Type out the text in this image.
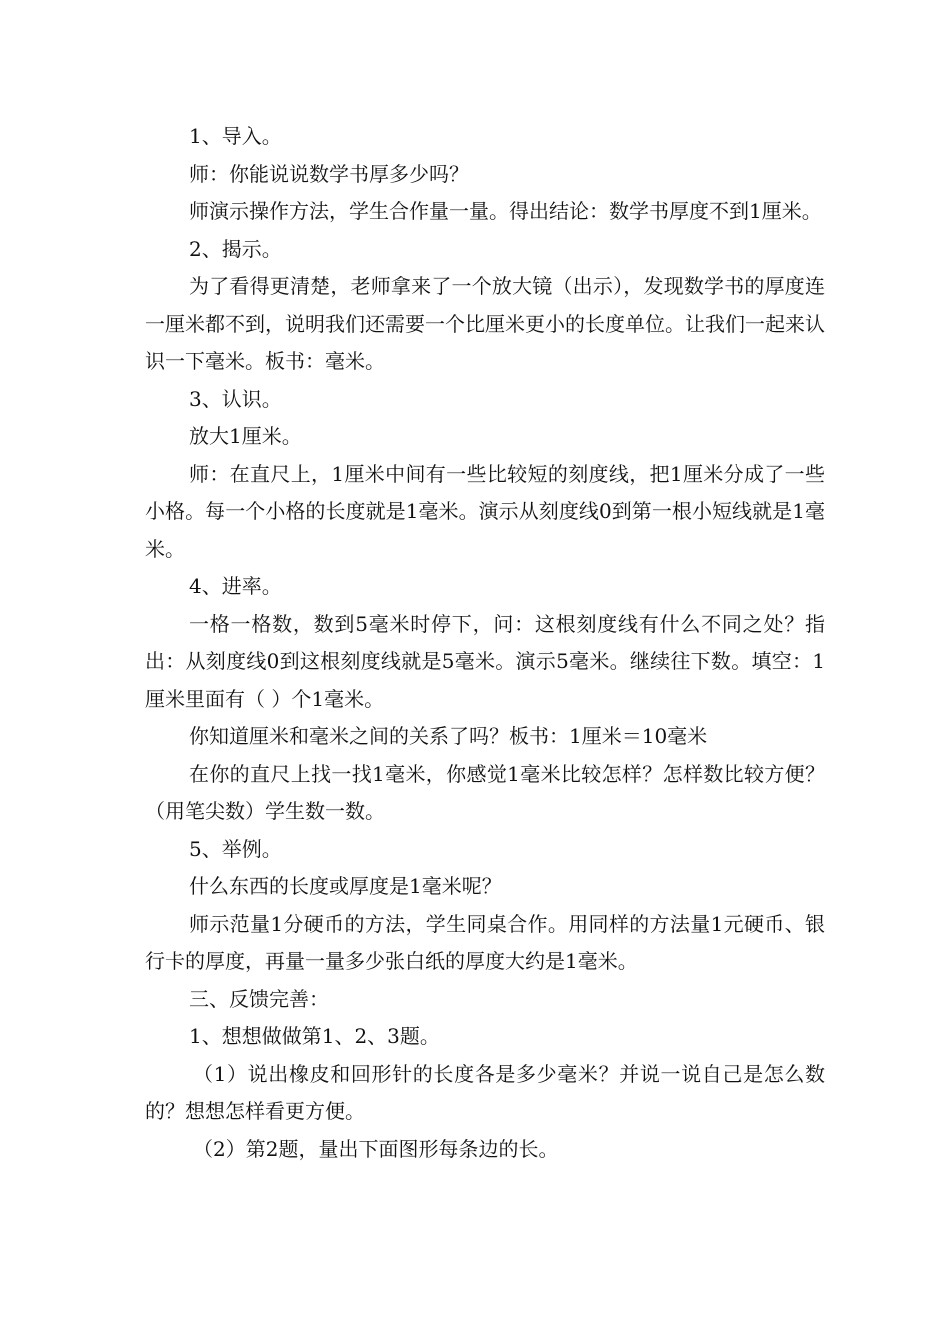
1、导入。

师：你能说说数学书厚多少吗？

师演示操作方法，学生合作量一量。得出结论：数学书厚度不到1厘米。

2、揭示。

为了看得更清楚，老师拿来了一个放大镜（出示），发现数学书的厚度连一厘米都不到，说明我们还需要一个比厘米更小的长度单位。让我们一起来认识一下毫米。板书：毫米。

3、认识。

放大1厘米。

师：在直尺上，1厘米中间有一些比较短的刻度线，把1厘米分成了一些小格。每一个小格的长度就是1毫米。演示从刻度线0到第一根小短线就是1毫米。

4、进率。

一格一格数，数到5毫米时停下，问：这根刻度线有什么不同之处？指出：从刻度线0到这根刻度线就是5毫米。演示5毫米。继续往下数。填空：1厘米里面有（ ）个1毫米。

你知道厘米和毫米之间的关系了吗？板书：1厘米＝10毫米

在你的直尺上找一找1毫米，你感觉1毫米比较怎样？怎样数比较方便？（用笔尖数）学生数一数。

5、举例。

什么东西的长度或厚度是1毫米呢？

师示范量1分硬币的方法，学生同桌合作。用同样的方法量1元硬币、银行卡的厚度，再量一量多少张白纸的厚度大约是1毫米。

三、反馈完善：

1、想想做做第1、2、3题。

（1）说出橡皮和回形针的长度各是多少毫米？并说一说自己是怎么数的？想想怎样看更方便。

（2）第2题，量出下面图形每条边的长。
